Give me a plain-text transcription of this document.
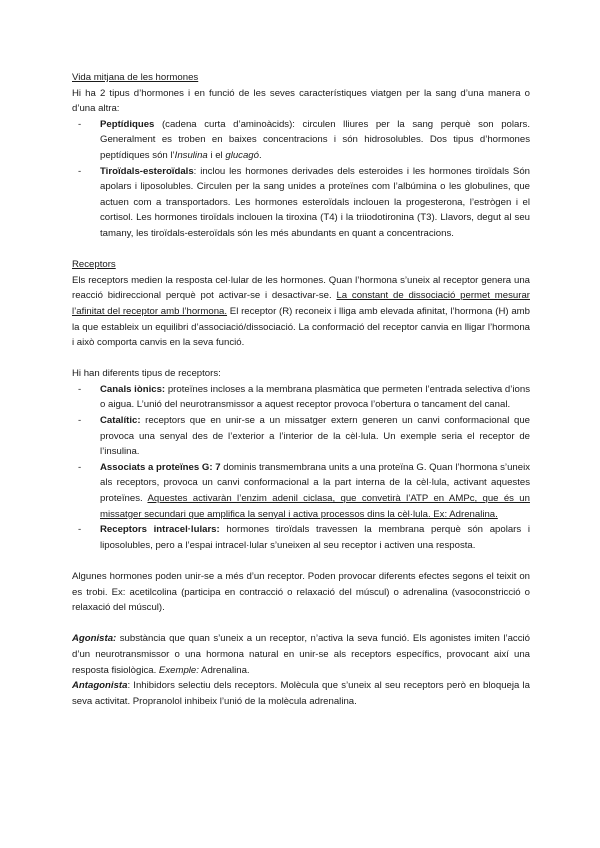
Vida mitjana de les hormones

Hi ha 2 tipus d’hormones i en funció de les seves característiques viatgen per la sang d’una manera o d’una altra:

- Peptídiques (cadena curta d’aminoàcids): circulen lliures per la sang perquè son polars. Generalment es troben en baixes concentracions i són hidrosolubles. Dos tipus d’hormones peptídiques són l’Insulina i el glucagó.
- Tiroïdals-esteroïdals: inclou les hormones derivades dels esteroides i les hormones tiroïdals Són apolars i liposolubles. Circulen per la sang unides a proteïnes com l’albúmina o les globulines, que actuen com a transportadors. Les hormones esteroïdals inclouen la progesterona, l’estrògen i el cortisol. Les hormones tiroïdals inclouen la tiroxina (T4) i la triiodotironina (T3). Llavors, degut al seu tamany, les tiroïdals-esteroïdals són les més abundants en quant a concentracions.

Receptors

Els receptors medien la resposta cel·lular de les hormones. Quan l’hormona s’uneix al receptor genera una reacció bidireccional perquè pot activar-se i desactivar-se. La constant de dissociació permet mesurar l’afinitat del receptor amb l’hormona. El receptor (R) reconeix i lliga amb elevada afinitat, l’hormona (H) amb la que estableix un equilibri d’associació/dissociació. La conformació del receptor canvia en lligar l’hormona i això comporta canvis en la seva funció.

Hi han diferents tipus de receptors:

- Canals iònics: proteïnes incloses a la membrana plasmàtica que permeten l’entrada selectiva d’ions o aigua. L’unió del neurotransmissor a aquest receptor provoca l’obertura o tancament del canal.
- Catalític: receptors que en unir-se a un missatger extern generen un canvi conformacional que provoca una senyal des de l’exterior a l’interior de la cèl·lula. Un exemple seria el receptor de l’insulina.
- Associats a proteïnes G: 7 dominis transmembrana units a una proteïna G. Quan l’hormona s’uneix als receptors, provoca un canvi conformacional a la part interna de la cèl·lula, activant aquestes proteïnes. Aquestes activaràn l’enzim adenil ciclasa, que convetirà l’ATP en AMPc, que és un missatger secundari que amplifica la senyal i activa processos dins la cèl·lula. Ex: Adrenalina.
- Receptors intracel·lulars: hormones tiroïdals travessen la membrana perquè són apolars i liposolubles, pero a l’espai intracel·lular s’uneixen al seu receptor i activen una resposta.

Algunes hormones poden unir-se a més d’un receptor. Poden provocar diferents efectes segons el teixit on es trobi. Ex: acetilcolina (participa en contracció o relaxació del múscul) o adrenalina (vasoconstricció o relaxació del múscul).

Agonista: substància que quan s’uneix a un receptor, n’activa la seva funció. Els agonistes imiten l’acció d’un neurotransmissor o una hormona natural en unir-se als receptors específics, provocant així una resposta fisiològica. Exemple: Adrenalina.

Antagonista: Inhibidors selectiu dels receptors. Molècula que s’uneix al seu receptors però en bloqueja la seva activitat. Propranolol inhibeix l’unió de la molècula adrenalina.
